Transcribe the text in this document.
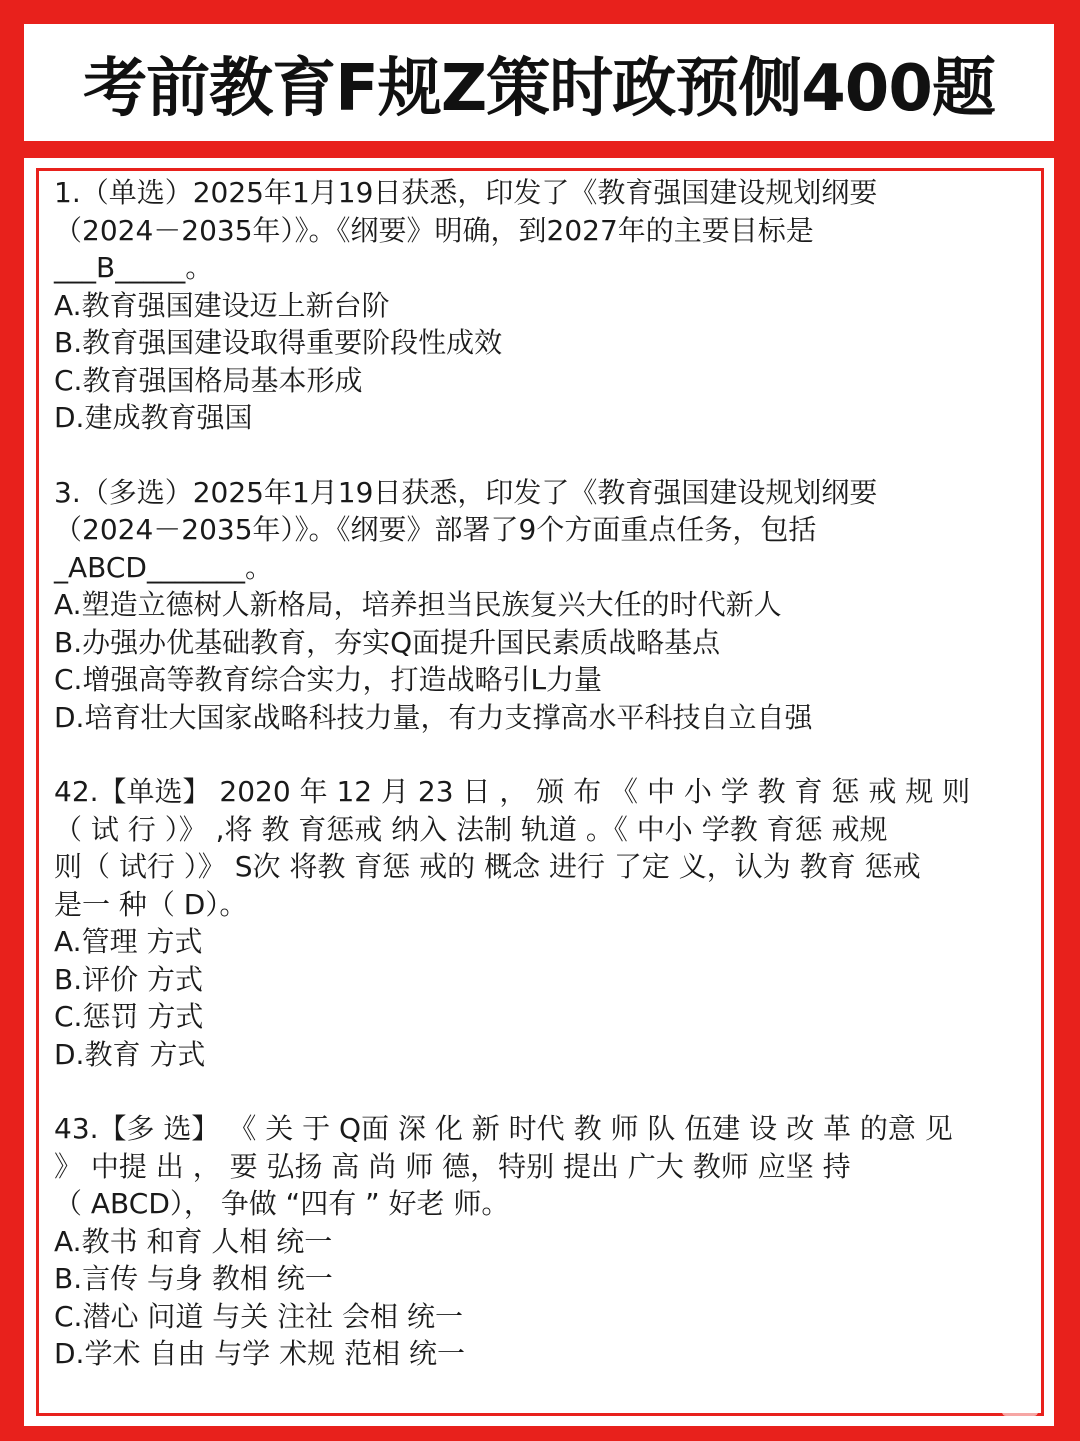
考前教育F规Z策时政预侧400题
1.（单选）2025年1月19日获悉，印发了《教育强国建设规划纲要
（2024－2035年）》。《纲要》明确，到2027年的主要目标是
___B_____。
A.教育强国建设迈上新台阶
B.教育强国建设取得重要阶段性成效
C.教育强国格局基本形成
D.建成教育强国
3.（多选）2025年1月19日获悉，印发了《教育强国建设规划纲要
（2024－2035年）》。《纲要》部署了9个方面重点任务，包括
_ABCD_______。
A.塑造立德树人新格局，培养担当民族复兴大任的时代新人
B.办强办优基础教育，夯实Q面提升国民素质战略基点
C.增强高等教育综合实力，打造战略引L力量
D.培育壮大国家战略科技力量，有力支撑高水平科技自立自强
42.【单选】 2020 年 12 月 23 日 ， 颁 布 《 中 小 学 教 育 惩 戒 规 则
（ 试 行 ）》 ,将 教 育惩戒 纳入 法制 轨道 。《 中小 学教 育惩 戒规
则（ 试行 ）》 S次 将教 育惩 戒的 概念 进行 了定 义，认为 教育 惩戒
是一 种（ D）。
A.管理 方式
B.评价 方式
C.惩罚 方式
D.教育 方式
43.【多 选】 《 关 于 Q面 深 化 新 时代 教 师 队 伍建 设 改 革 的意 见
》 中提 出 ， 要 弘扬 高 尚 师 德，特别 提出 广大 教师 应坚 持
（ ABCD）， 争做 “四有 ” 好老 师。
A.教书 和育 人相 统一
B.言传 与身 教相 统一
C.潜心 问道 与关 注社 会相 统一
D.学术 自由 与学 术规 范相 统一
